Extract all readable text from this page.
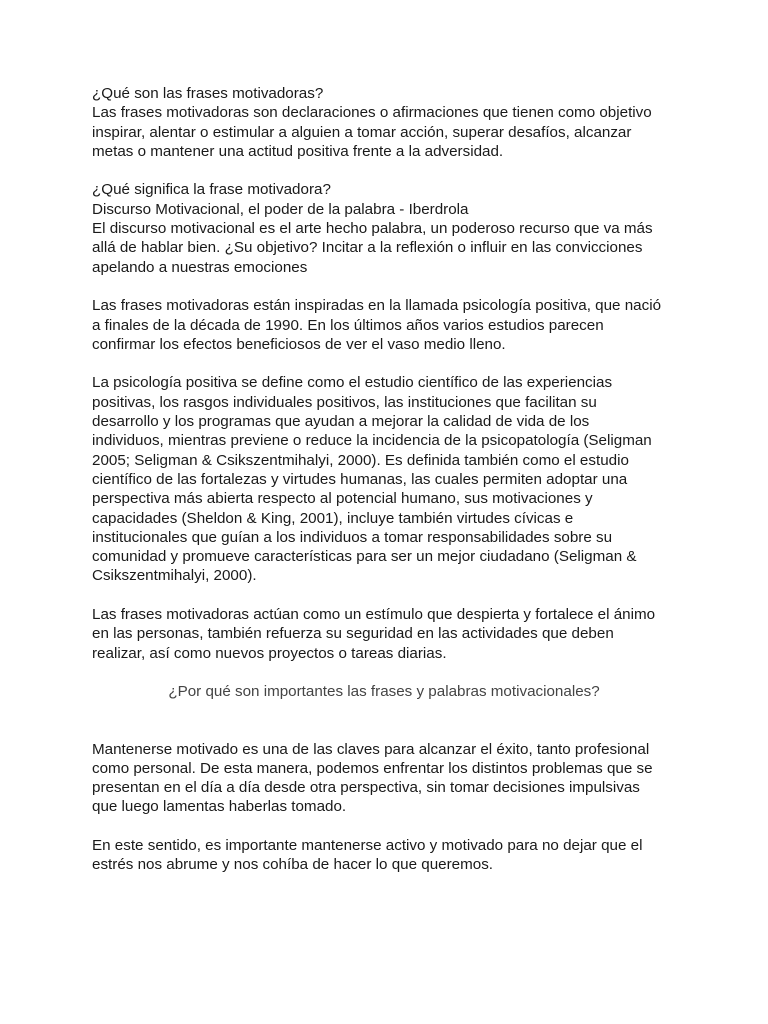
¿Qué son las frases motivadoras?
Las frases motivadoras son declaraciones o afirmaciones que tienen como objetivo
inspirar, alentar o estimular a alguien a tomar acción, superar desafíos, alcanzar
metas o mantener una actitud positiva frente a la adversidad.
¿Qué significa la frase motivadora?
Discurso Motivacional, el poder de la palabra - Iberdrola
El discurso motivacional es el arte hecho palabra, un poderoso recurso que va más
allá de hablar bien. ¿Su objetivo? Incitar a la reflexión o influir en las convicciones
apelando a nuestras emociones
Las frases motivadoras están inspiradas en la llamada psicología positiva, que nació
a finales de la década de 1990. En los últimos años varios estudios parecen
confirmar los efectos beneficiosos de ver el vaso medio lleno.
La psicología positiva se define como el estudio científico de las experiencias
positivas, los rasgos individuales positivos, las instituciones que facilitan su
desarrollo y los programas que ayudan a mejorar la calidad de vida de los
individuos, mientras previene o reduce la incidencia de la psicopatología (Seligman
2005; Seligman & Csikszentmihalyi, 2000). Es definida también como el estudio
científico de las fortalezas y virtudes humanas, las cuales permiten adoptar una
perspectiva más abierta respecto al potencial humano, sus motivaciones y
capacidades (Sheldon & King, 2001), incluye también virtudes cívicas e
institucionales que guían a los individuos a tomar responsabilidades sobre su
comunidad y promueve características para ser un mejor ciudadano (Seligman &
Csikszentmihalyi, 2000).
Las frases motivadoras actúan como un estímulo que despierta y fortalece el ánimo
en las personas, también refuerza su seguridad en las actividades que deben
realizar, así como nuevos proyectos o tareas diarias.
¿Por qué son importantes las frases y palabras motivacionales?
Mantenerse motivado es una de las claves para alcanzar el éxito, tanto profesional
como personal. De esta manera, podemos enfrentar los distintos problemas que se
presentan en el día a día desde otra perspectiva, sin tomar decisiones impulsivas
que luego lamentas haberlas tomado.
En este sentido, es importante mantenerse activo y motivado para no dejar que el
estrés nos abrume y nos cohíba de hacer lo que queremos.
